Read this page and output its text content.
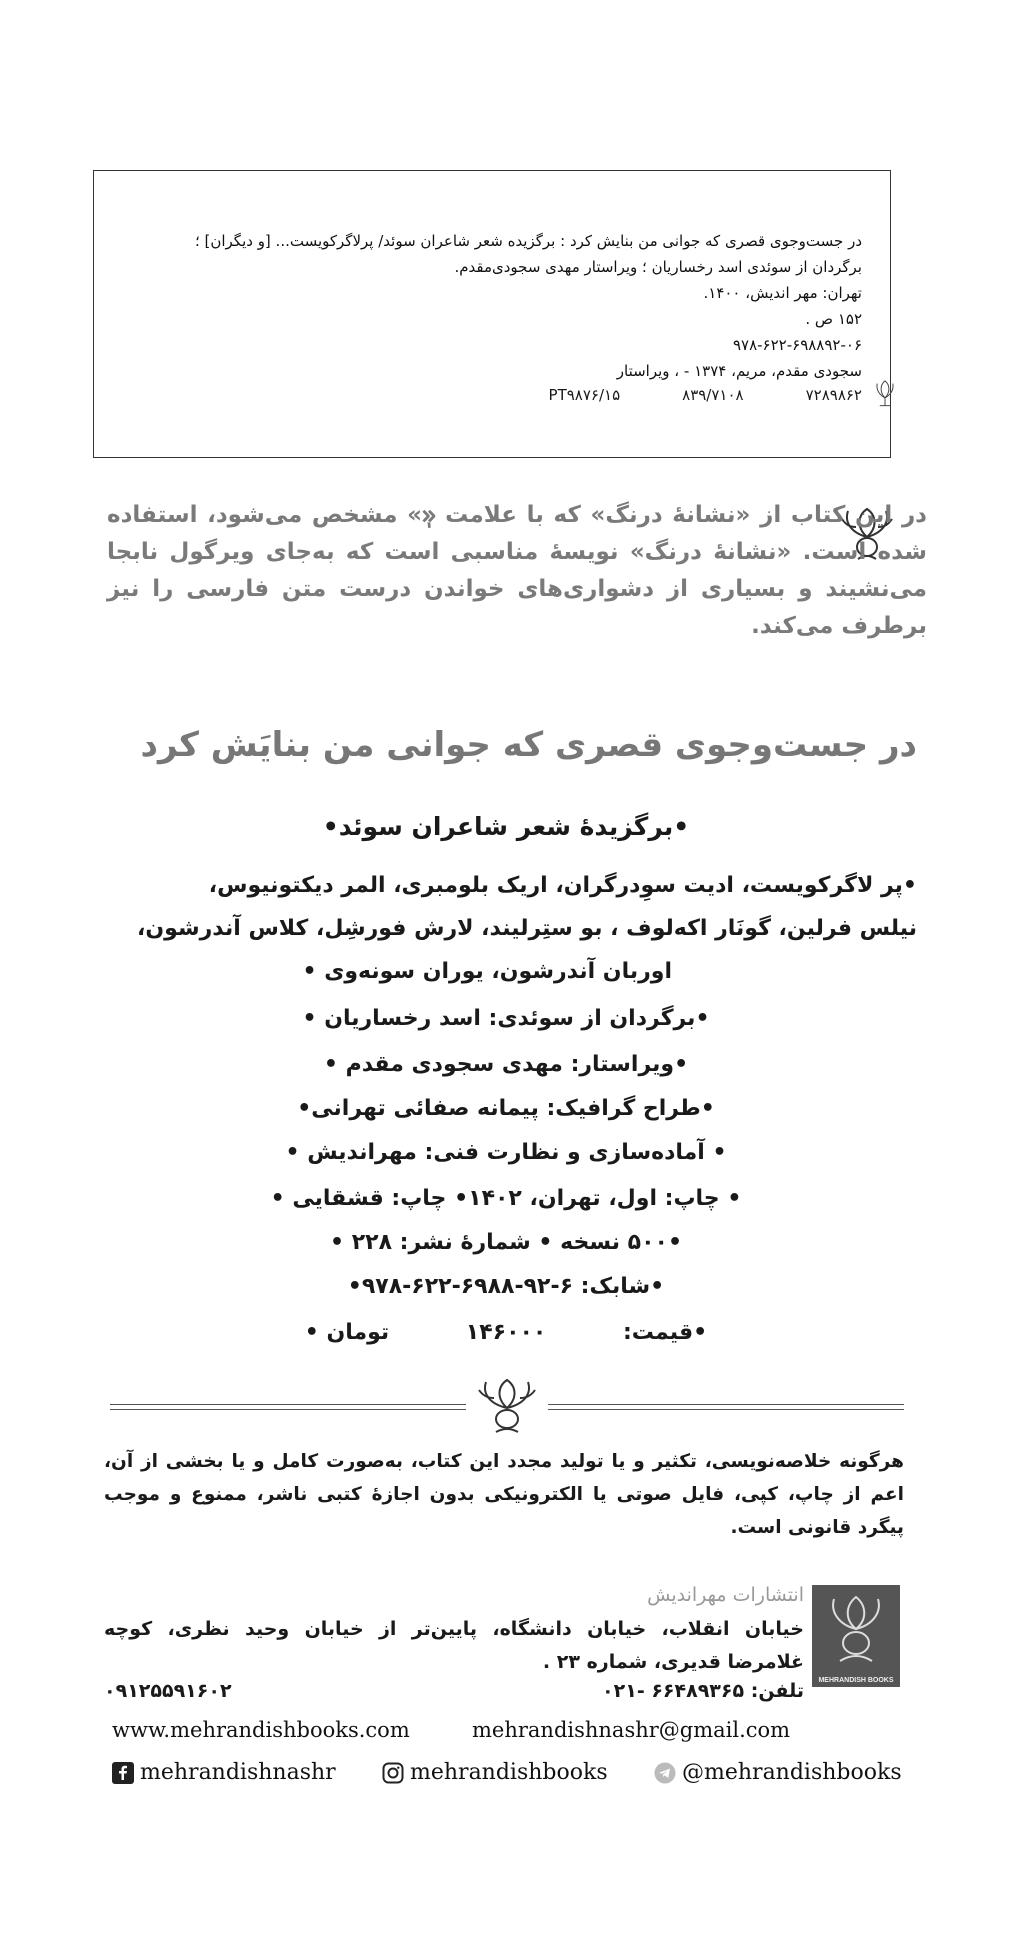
در جست‌وجوی قصری که جوانی من بنایش کرد : برگزیده شعر شاعران سوئد/ پرلاگرکویست... [و دیگران] ؛
برگردان از سوئدی اسد رخساریان ؛ ویراستار مهدی سجودی‌مقدم.
تهران: مهر اندیش، ۱۴۰۰.
۱۵۲ ص .
۹۷۸-۶۲۲-۶۹۸۸۹۲-۰۶
سجودی مقدم، مریم، ۱۳۷۴ - ، ویراستار
۷۲۸۹۸۶۲
۸۳۹/۷۱۰۸
PT۹۸۷۶/۱۵
در این کتاب از «نشانهٔ درنگ» که با علامت «ٖ» مشخص می‌شود، استفاده شده است. «نشانهٔ درنگ» نویسهٔ مناسبی است که به‌جای ویرگول نابجا می‌نشیند و بسیاری از دشواری‌های خواندن درست متن فارسی را نیز برطرف می‌کند.
در جست‌وجوی قصری که جوانی من بنایَش کرد
•برگزیدهٔ شعر شاعران سوئد•
•پر لاگرکویست، ادیت سوِدرگران، اریک بلومبری، المر دیکتونیوس،
نیلس فرلین، گونَار اکه‌لوف ، بو ستِرلیند، لارش فورشِل، کلاس آندرشون،
اوربان آندرشون، یوران سونه‌وی •
•برگردان از سوئدی: اسد رخساریان •
•ویراستار: مهدی سجودی مقدم •
•طراح گرافیک: پیمانه صفائی تهرانی•
• آماده‌سازی و نظارت فنی: مهراندیش •
• چاپ: اول، تهران، ۱۴۰۲• چاپ: قشقایی •
•۵۰۰ نسخه • شمارهٔ نشر: ۲۲۸ •
•شابک: ۶-۹۲-۶۹۸۸-۶۲۲-۹۷۸•
•قیمت:          ۱۴۶۰۰۰          تومان •
هرگونه خلاصه‌نویسی، تکثیر و یا تولید مجدد این کتاب، به‌صورت کامل و یا بخشی از آن، اعم از چاپ، کپی، فایل صوتی یا الکترونیکی بدون اجازهٔ کتبی ناشر، ممنوع و موجب پیگرد قانونی است.
MEHRANDISH BOOKS
انتشارات مهراندیش
خیابان انقلاب، خیابان دانشگاه، پایین‌تر از خیابان وحید نظری، کوچه غلامرضا قدیری، شماره ۲۳ .
تلفن: ۶۶۴۸۹۳۶۵ -۰۲۱
۰۹۱۲۵۵۹۱۶۰۲
www.mehrandishbooks.com	mehrandishnashr@gmail.com
mehrandishnashr	mehrandishbooks	@mehrandishbooks
